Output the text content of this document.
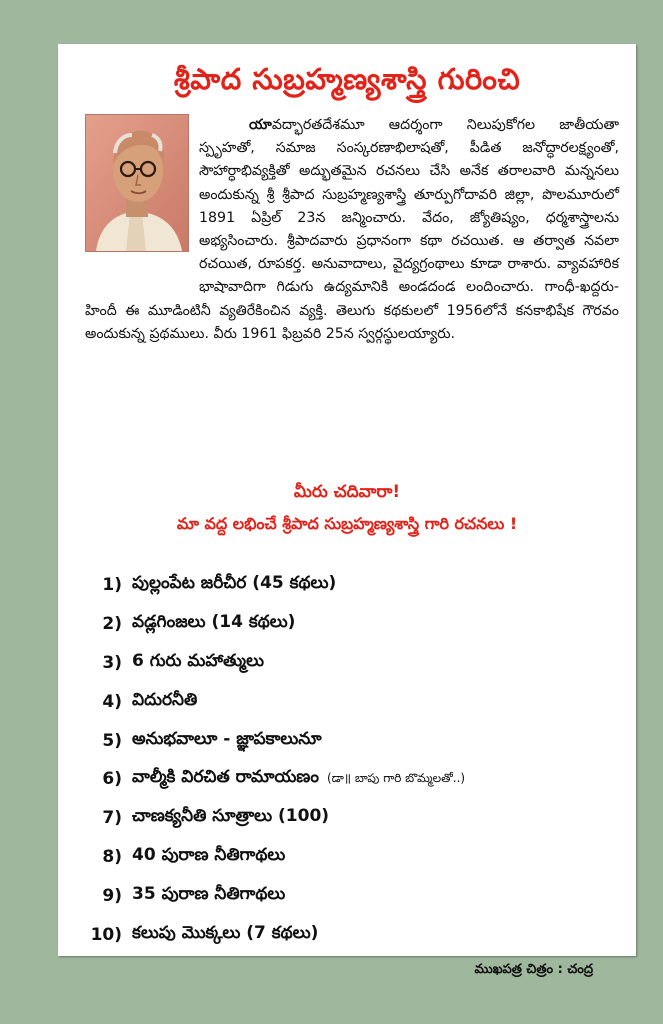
శ్రీపాద సుబ్రహ్మణ్యశాస్త్రి గురించి
యావద్భారతదేశమూ ఆదర్శంగా నిలుపుకోగల జాతీయతా స్పృహతో, సమాజ సంస్కరణాభిలాషతో, పీడిత జనోద్ధారలక్ష్యంతో, సౌహార్ధాభివ్యక్తితో అద్భుతమైన రచనలు చేసి అనేక తరాలవారి మన్ననలు అందుకున్న శ్రీ శ్రీపాద సుబ్రహ్మణ్యశాస్త్రి తూర్పుగోదావరి జిల్లా, పొలమూరులో 1891 ఏప్రిల్ 23న జన్మించారు. వేదం, జ్యోతిష్యం, ధర్మశాస్త్రాలను అభ్యసించారు. శ్రీపాదవారు ప్రధానంగా కథా రచయిత. ఆ తర్వాత నవలా రచయిత, రూపకర్త. అనువాదాలు, వైద్యగ్రంథాలు కూడా రాశారు. వ్యావహారిక భాషావాదిగా గిడుగు ఉద్యమానికి అండదండ లందించారు. గాంధీ-ఖద్దరు-హిందీ ఈ మూడింటినీ వ్యతిరేకించిన వ్యక్తి. తెలుగు కథకులలో 1956లోనే కనకాభిషేక గౌరవం అందుకున్న ప్రథములు. వీరు 1961 ఫిబ్రవరి 25న స్వర్గస్థులయ్యారు.
మీరు చదివారా!
మా వద్ద లభించే శ్రీపాద సుబ్రహ్మణ్యశాస్త్రి గారి రచనలు !
1) పుల్లంపేట జరీచీర (45 కథలు)
2) వడ్లగింజలు (14 కథలు)
3) 6 గురు మహాత్ములు
4) విదురనీతి
5) అనుభవాలూ - జ్ఞాపకాలునూ
6) వాల్మీకి విరచిత రామాయణం (డా॥ బాపు గారి బొమ్మలతో..)
7) చాణక్యనీతి సూత్రాలు (100)
8) 40 పురాణ నీతిగాథలు
9) 35 పురాణ నీతిగాథలు
10) కలుపు మొక్కలు (7 కథలు)
ముఖపత్ర చిత్రం : చంద్ర
